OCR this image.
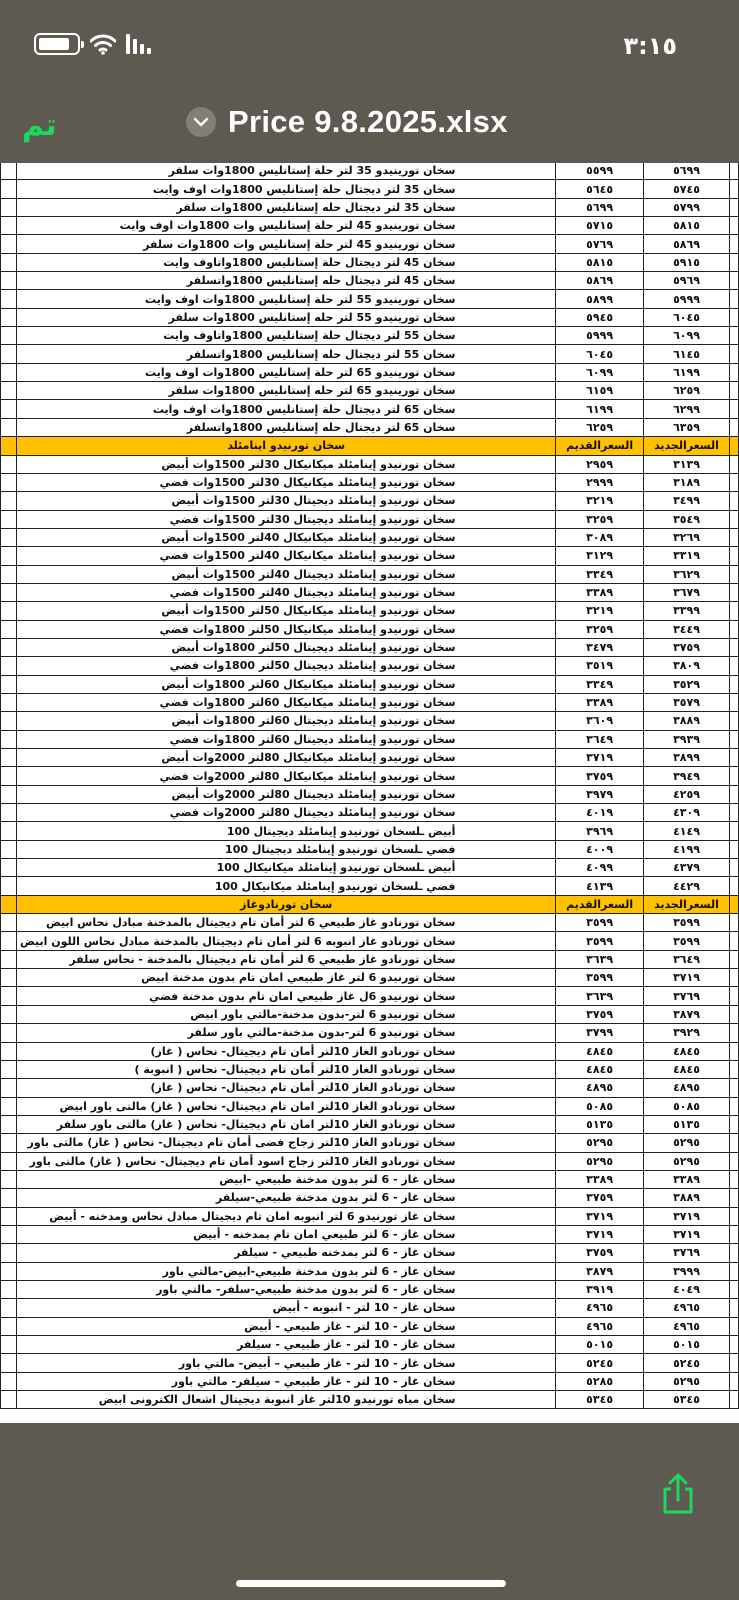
٣:١٥
تم	Price 9.8.2025.xlsx
	سخان تورينيدو 35 لتر حلة إستانليس 1800وات سلفر	٥٥٩٩	٥٦٩٩	
	سخان 35 لتر ديجتال حلة إستانليس 1800وات اوف وايت	٥٦٤٥	٥٧٤٥	
	سخان 35 لتر ديجتال حله إستانليس 1800وات سلفر	٥٦٩٩	٥٧٩٩	
	سخان تورينيدو 45 لتر حلة إستانليس وات 1800وات اوف وايت	٥٧١٥	٥٨١٥	
	سخان تورينيدو 45 لتر حلة إستانليس وات 1800وات سلفر	٥٧٦٩	٥٨٦٩	
	سخان 45 لتر ديجتال حلة إستانليس 1800واتاوف وايت	٥٨١٥	٥٩١٥	
	سخان 45 لتر ديجتال حله إستانليس 1800واتسلفر	٥٨٦٩	٥٩٦٩	
	سخان تورينيدو 55 لتر حلة إستانليس 1800وات اوف وايت	٥٨٩٩	٥٩٩٩	
	سخان تورينيدو 55 لتر حله إستانليس 1800وات سلفر	٥٩٤٥	٦٠٤٥	
	سخان 55 لتر ديجتال حلة إستانليس 1800واتاوف وايت	٥٩٩٩	٦٠٩٩	
	سخان 55 لتر ديجتال حله إستانليس 1800واتسلفر	٦٠٤٥	٦١٤٥	
	سخان تورينيدو 65 لتر حلة إستانليس 1800وات اوف وايت	٦٠٩٩	٦١٩٩	
	سخان تورينيدو 65 لتر حله إستانليس 1800وات سلفر	٦١٥٩	٦٢٥٩	
	سخان 65 لتر ديجتال حلة إستانليس 1800وات اوف وايت	٦١٩٩	٦٢٩٩	
	سخان 65 لتر ديجتال حله إستانليس 1800واتسلفر	٦٢٥٩	٦٣٥٩	
	سخان تورنيدو اينامئلد	السعرالقديم	السعرالجديد	
	سخان تورنيدو إينامئلد ميكانيكال 30لتر 1500وات أبيض	٢٩٥٩	٣١٣٩	
	سخان تورنيدو إينامئلد ميكانيكال 30لتر 1500وات فضي	٢٩٩٩	٣١٨٩	
	سخان تورنيدو إينامئلد ديجيتال 30لتر 1500وات أبيض	٣٢١٩	٣٤٩٩	
	سخان تورنيدو إينامئلد ديجيتال 30لتر 1500وات فضي	٣٢٥٩	٣٥٤٩	
	سخان تورنيدو إينامئلد ميكانيكال 40لتر 1500وات أبيض	٣٠٨٩	٣٢٦٩	
	سخان تورنيدو إينامئلد ميكانيكال 40لتر 1500وات فضي	٣١٢٩	٣٣١٩	
	سخان تورنيدو إينامئلد ديجيتال 40لتر 1500وات أبيض	٣٣٤٩	٣٦٢٩	
	سخان تورنيدو إينامئلد ديجيتال 40لتر 1500وات فضي	٣٣٨٩	٣٦٧٩	
	سخان تورنيدو إينامئلد ميكانيكال 50لتر 1500وات أبيض	٣٢١٩	٣٣٩٩	
	سخان تورنيدو إينامئلد ميكانيكال 50لتر 1800وات فضي	٣٢٥٩	٣٤٤٩	
	سخان تورنيدو إينامئلد ديجيتال 50لتر 1800وات أبيض	٣٤٧٩	٣٧٥٩	
	سخان تورنيدو إينامئلد ديجيتال 50لتر 1800وات فضي	٣٥١٩	٣٨٠٩	
	سخان تورنيدو إينامئلد ميكانيكال 60لتر 1800وات أبيض	٣٣٤٩	٣٥٢٩	
	سخان تورنيدو إينامئلد ميكانيكال 60لتر 1800وات فضي	٣٣٨٩	٣٥٧٩	
	سخان تورنيدو إينامئلد ديجيتال 60لتر 1800وات أبيض	٣٦٠٩	٣٨٨٩	
	سخان تورنيدو إينامئلد ديجيتال 60لتر 1800وات فضي	٣٦٤٩	٣٩٣٩	
	سخان تورنيدو إينامئلد ميكانيكال 80لتر 2000وات أبيض	٣٧١٩	٣٨٩٩	
	سخان تورنيدو إينامئلد ميكانيكال 80لتر 2000وات فضي	٣٧٥٩	٣٩٤٩	
	سخان تورنيدو إينامئلد ديجيتال 80لتر 2000وات أبيض	٣٩٧٩	٤٢٥٩	
	سخان تورنيدو إينامئلد ديجيتال 80لتر 2000وات فضي	٤٠١٩	٤٣٠٩	
	أبيض ـلسخان تورنيدو إينامئلد ديجيتال 100	٣٩٦٩	٤١٤٩	
	فضي ـلسخان تورنيدو إينامئلد ديجيتال 100	٤٠٠٩	٤١٩٩	
	أبيض ـلسخان تورنيدو إينامئلد ميكانيكال 100	٤٠٩٩	٤٣٧٩	
	فضي ـلسخان تورنيدو إينامئلد ميكانيكال 100	٤١٣٩	٤٤٢٩	
	سخان تورنادوغاز	السعرالقديم	السعرالجديد	
	سخان تورنادو غاز طبيعي 6 لتر أمان تام ديجيتال بالمدخنة مبادل نحاس ابيض	٣٥٩٩	٣٥٩٩	
	سخان تورنادو غاز انبوبه 6 لتر أمان تام ديجيتال بالمدخنة مبادل نحاس اللون ابيض	٣٥٩٩	٣٥٩٩	
	سخان تورنادو غاز طبيعي 6 لتر أمان تام ديجيتال بالمدخنة - نحاس سلفر	٣٦٣٩	٣٦٤٩	
	سخان تورنيدو 6 لتر غاز طبيعي امان تام بدون مدخنة ابيض	٣٥٩٩	٣٧١٩	
	سخان تورنيدو 6ل غاز طبيعي امان تام بدون مدخنة فضي	٣٦٣٩	٣٧٦٩	
	سخان تورنيدو 6 لتر-بدون مدخنة-مالتي باور ابيض	٣٧٥٩	٣٨٧٩	
	سخان تورنيدو 6 لتر-بدون مدخنة-مالتي باور سلفر	٣٧٩٩	٣٩٢٩	
	سخان تورنادو الغاز 10لتر أمان تام ديجيتال- نحاس ( غاز)	٤٨٤٥	٤٨٤٥	
	سخان تورنادو الغاز 10لتر أمان تام ديجيتال- نحاس ( انبوبة )	٤٨٤٥	٤٨٤٥	
	سخان تورنادو الغاز 10لتر أمان تام ديجيتال- نحاس ( غاز)	٤٨٩٥	٤٨٩٥	
	سخان تورنادو الغاز 10لتر امان تام ديجيتال- نحاس ( غاز) مالتى باور ابيض	٥٠٨٥	٥٠٨٥	
	سخان تورنادو الغاز 10لتر امان تام ديجيتال- نحاس ( غاز) مالتى باور سلفر	٥١٣٥	٥١٣٥	
	سخان تورنادو الغاز 10لتر زجاج فضى أمان تام ديجيتال- نحاس ( غاز) مالتى باور	٥٢٩٥	٥٢٩٥	
	سخان تورنادو الغاز 10لتر زجاج اسود أمان تام ديجيتال- نحاس ( غاز) مالتى باور	٥٢٩٥	٥٢٩٥	
	سخان غاز - 6 لتر بدون مدخنة طبيعي -ابيض	٣٣٨٩	٣٣٨٩	
	سخان غاز - 6 لتر بدون مدخنة طبيعي-سيلفر	٣٧٥٩	٣٨٨٩	
	سخان غاز تورنيدو 6 لتر انبوبه امان تام ديجيتال مبادل نحاس ومدخنه - أبيض	٣٧١٩	٣٧١٩	
	سخان غاز - 6 لتر طبيعي امان تام بمدخنه - أبيض	٣٧١٩	٣٧١٩	
	سخان غاز - 6 لتر بمدخنه طبيعي - سيلفر	٣٧٥٩	٣٧٦٩	
	سخان غاز - 6 لتر بدون مدخنة طبيعي-ابيض-مالتي باور	٣٨٧٩	٣٩٩٩	
	سخان غاز - 6 لتر بدون مدخنة طبيعي-سلفر- مالتي باور	٣٩١٩	٤٠٤٩	
	سخان غاز - 10 لتر - انبوبه - أبيض	٤٩٦٥	٤٩٦٥	
	سخان غاز - 10 لتر - غاز طبيعي - أبيض	٤٩٦٥	٤٩٦٥	
	سخان غاز - 10 لتر - غاز طبيعي - سيلفر	٥٠١٥	٥٠١٥	
	سخان غاز - 10 لتر - غاز طبيعي – أبيض- مالتي باور	٥٢٤٥	٥٢٤٥	
	سخان غاز - 10 لتر - غاز طبيعي – سيلفر- مالتي باور	٥٢٨٥	٥٢٩٥	
	سخان مياه تورنيدو 10لتر غاز انبوبة ديجيتال اشعال الكترونى ابيض	٥٣٤٥	٥٣٤٥	
